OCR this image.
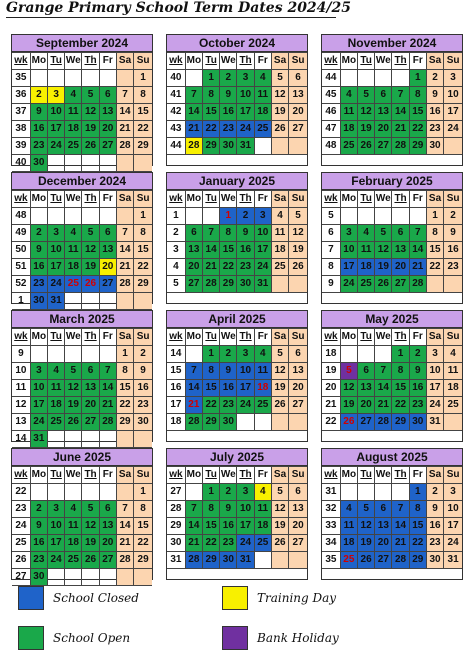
Grange Primary School Term Dates 2024/25
September 2024
wk	Mo	Tu	We	Th	Fr	Sa	Su
35							1
36	2	3	4	5	6	7	8
37	9	10	11	12	13	14	15
38	16	17	18	19	20	21	22
39	23	24	25	26	27	28	29
40	30						
October 2024
wk	Mo	Tu	We	Th	Fr	Sa	Su
40		1	2	3	4	5	6
41	7	8	9	10	11	12	13
42	14	15	16	17	18	19	20
43	21	22	23	24	25	26	27
44	28	29	30	31			
November 2024
wk	Mo	Tu	We	Th	Fr	Sa	Su
44					1	2	3
45	4	5	6	7	8	9	10
46	11	12	13	14	15	16	17
47	18	19	20	21	22	23	24
48	25	26	27	28	29	30	
December 2024
wk	Mo	Tu	We	Th	Fr	Sa	Su
48							1
49	2	3	4	5	6	7	8
50	9	10	11	12	13	14	15
51	16	17	18	19	20	21	22
52	23	24	25	26	27	28	29
1	30	31					
January 2025
wk	Mo	Tu	We	Th	Fr	Sa	Su
1			1	2	3	4	5
2	6	7	8	9	10	11	12
3	13	14	15	16	17	18	19
4	20	21	22	23	24	25	26
5	27	28	29	30	31		
February 2025
wk	Mo	Tu	We	Th	Fr	Sa	Su
5						1	2
6	3	4	5	6	7	8	9
7	10	11	12	13	14	15	16
8	17	18	19	20	21	22	23
9	24	25	26	27	28		
March 2025
wk	Mo	Tu	We	Th	Fr	Sa	Su
9						1	2
10	3	4	5	6	7	8	9
11	10	11	12	13	14	15	16
12	17	18	19	20	21	22	23
13	24	25	26	27	28	29	30
14	31						
April 2025
wk	Mo	Tu	We	Th	Fr	Sa	Su
14		1	2	3	4	5	6
15	7	8	9	10	11	12	13
16	14	15	16	17	18	19	20
17	21	22	23	24	25	26	27
18	28	29	30				
May 2025
wk	Mo	Tu	We	Th	Fr	Sa	Su
18				1	2	3	4
19	5	6	7	8	9	10	11
20	12	13	14	15	16	17	18
21	19	20	21	22	23	24	25
22	26	27	28	29	30	31	
June 2025
wk	Mo	Tu	We	Th	Fr	Sa	Su
22							1
23	2	3	4	5	6	7	8
24	9	10	11	12	13	14	15
25	16	17	18	19	20	21	22
26	23	24	25	26	27	28	29
27	30						
July 2025
wk	Mo	Tu	We	Th	Fr	Sa	Su
27		1	2	3	4	5	6
28	7	8	9	10	11	12	13
29	14	15	16	17	18	19	20
30	21	22	23	24	25	26	27
31	28	29	30	31			
August 2025
wk	Mo	Tu	We	Th	Fr	Sa	Su
31					1	2	3
32	4	5	6	7	8	9	10
33	11	12	13	14	15	16	17
34	18	19	20	21	22	23	24
35	25	26	27	28	29	30	31
School Closed	Training Day
School Open	Bank Holiday
